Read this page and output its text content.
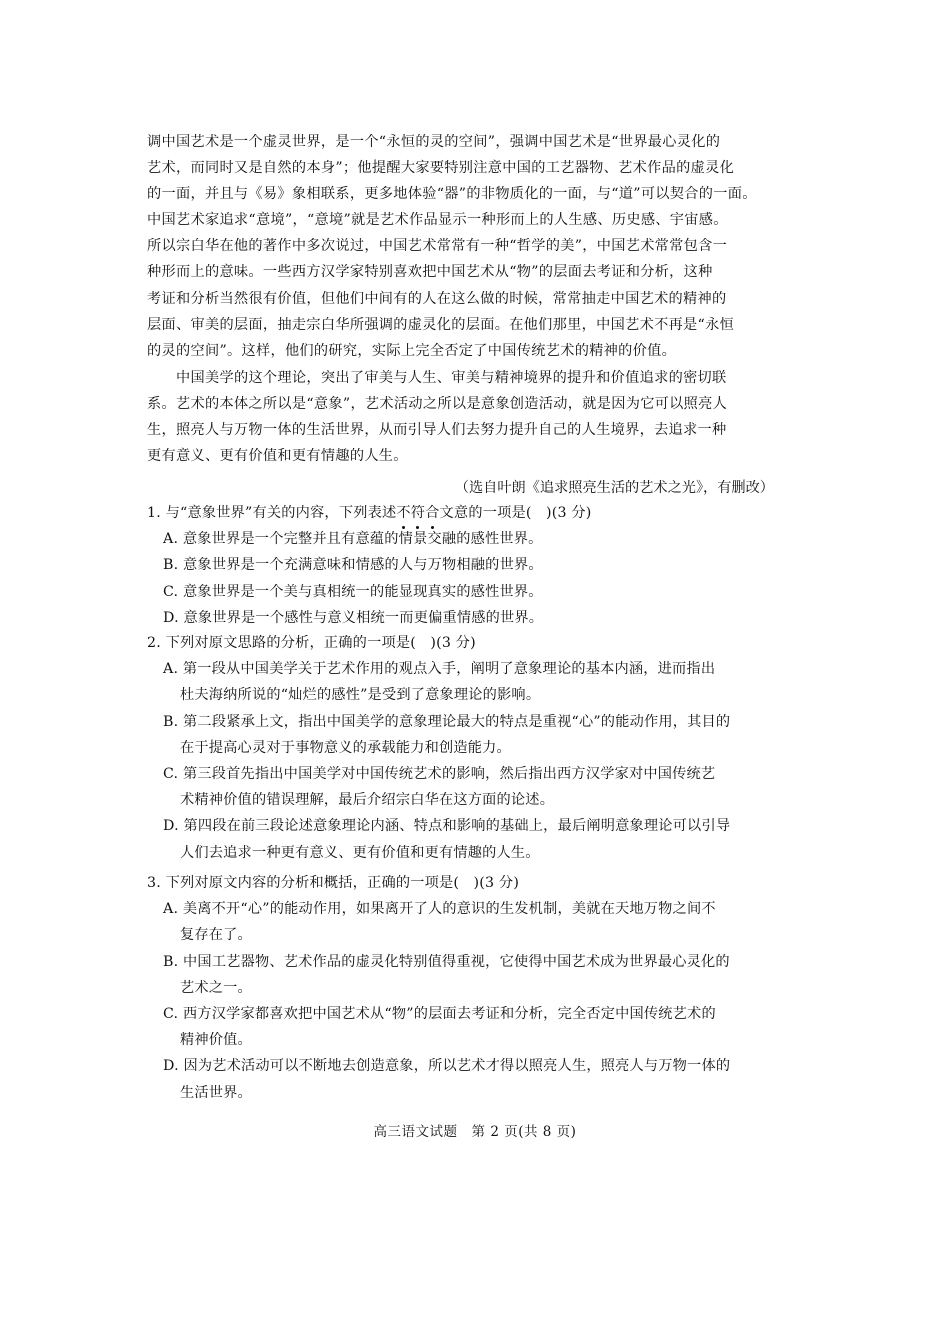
调中国艺术是一个虚灵世界，是一个“永恒的灵的空间”，强调中国艺术是“世界最心灵化的
艺术，而同时又是自然的本身”；他提醒大家要特别注意中国的工艺器物、艺术作品的虚灵化
的一面，并且与《易》象相联系，更多地体验“器”的非物质化的一面，与“道”可以契合的一面。
中国艺术家追求“意境”，“意境”就是艺术作品显示一种形而上的人生感、历史感、宇宙感。
所以宗白华在他的著作中多次说过，中国艺术常常有一种“哲学的美”，中国艺术常常包含一
种形而上的意味。一些西方汉学家特别喜欢把中国艺术从“物”的层面去考证和分析，这种
考证和分析当然很有价值，但他们中间有的人在这么做的时候，常常抽走中国艺术的精神的
层面、审美的层面，抽走宗白华所强调的虚灵化的层面。在他们那里，中国艺术不再是“永恒
的灵的空间”。这样，他们的研究，实际上完全否定了中国传统艺术的精神的价值。
中国美学的这个理论，突出了审美与人生、审美与精神境界的提升和价值追求的密切联
系。艺术的本体之所以是“意象”，艺术活动之所以是意象创造活动，就是因为它可以照亮人
生，照亮人与万物一体的生活世界，从而引导人们去努力提升自己的人生境界，去追求一种
更有意义、更有价值和更有情趣的人生。

（选自叶朗《追求照亮生活的艺术之光》，有删改）

1. 与“意象世界”有关的内容，下列表述不符合文意的一项是(　)(3 分)
A. 意象世界是一个完整并且有意蕴的情景交融的感性世界。
B. 意象世界是一个充满意味和情感的人与万物相融的世界。
C. 意象世界是一个美与真相统一的能显现真实的感性世界。
D. 意象世界是一个感性与意义相统一而更偏重情感的世界。
2. 下列对原文思路的分析，正确的一项是(　)(3 分)
A. 第一段从中国美学关于艺术作用的观点入手，阐明了意象理论的基本内涵，进而指出
杜夫海纳所说的“灿烂的感性”是受到了意象理论的影响。
B. 第二段紧承上文，指出中国美学的意象理论最大的特点是重视“心”的能动作用，其目的
在于提高心灵对于事物意义的承载能力和创造能力。
C. 第三段首先指出中国美学对中国传统艺术的影响，然后指出西方汉学家对中国传统艺
术精神价值的错误理解，最后介绍宗白华在这方面的论述。
D. 第四段在前三段论述意象理论内涵、特点和影响的基础上，最后阐明意象理论可以引导
人们去追求一种更有意义、更有价值和更有情趣的人生。
3. 下列对原文内容的分析和概括，正确的一项是(　)(3 分)
A. 美离不开“心”的能动作用，如果离开了人的意识的生发机制，美就在天地万物之间不
复存在了。
B. 中国工艺器物、艺术作品的虚灵化特别值得重视，它使得中国艺术成为世界最心灵化的
艺术之一。
C. 西方汉学家都喜欢把中国艺术从“物”的层面去考证和分析，完全否定中国传统艺术的
精神价值。
D. 因为艺术活动可以不断地去创造意象，所以艺术才得以照亮人生，照亮人与万物一体的
生活世界。

高三语文试题　第 2 页(共 8 页)
